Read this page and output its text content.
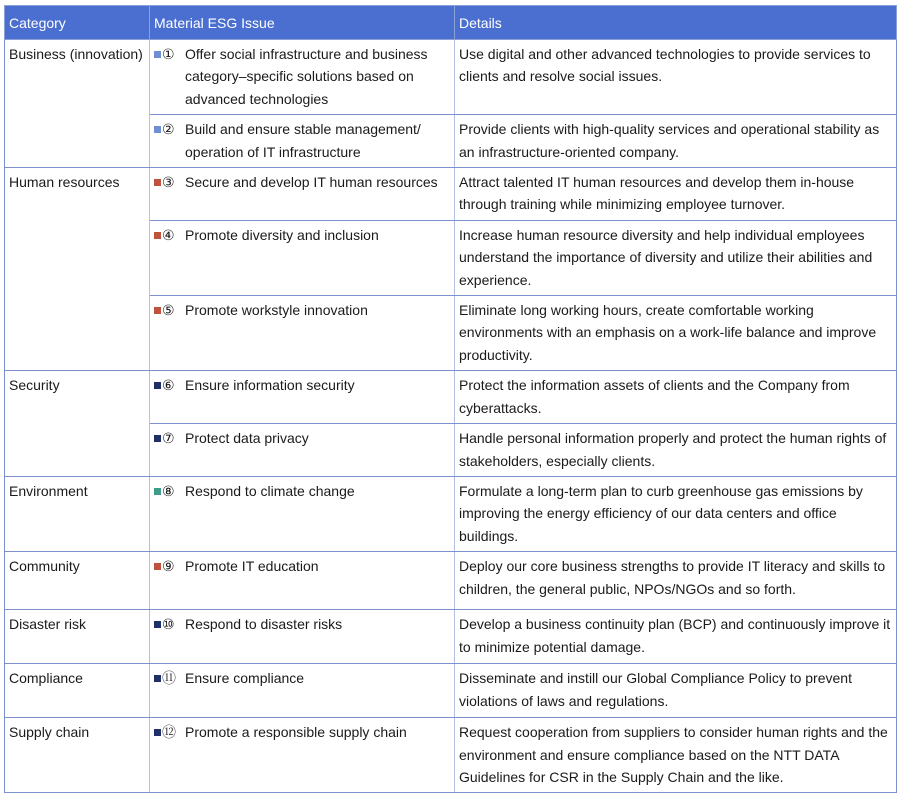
Category	Material ESG Issue	Details
Business (innovation)	① Offer social infrastructure and business category–specific solutions based on advanced technologies	Use digital and other advanced technologies to provide services to clients and resolve social issues.

	② Build and ensure stable management/ operation of IT infrastructure	Provide clients with high-quality services and operational stability as an infrastructure-oriented company.
Human resources	③ Secure and develop IT human resources	Attract talented IT human resources and develop them in-house through training while minimizing employee turnover.

	④ Promote diversity and inclusion	Increase human resource diversity and help individual employees understand the importance of diversity and utilize their abilities and experience.

	⑤ Promote workstyle innovation	Eliminate long working hours, create comfortable working environments with an emphasis on a work-life balance and improve productivity.
Security	⑥ Ensure information security	Protect the information assets of clients and the Company from cyberattacks.

	⑦ Protect data privacy	Handle personal information properly and protect the human rights of stakeholders, especially clients.
Environment	⑧ Respond to climate change	Formulate a long-term plan to curb greenhouse gas emissions by improving the energy efficiency of our data centers and office buildings.
Community	⑨ Promote IT education	Deploy our core business strengths to provide IT literacy and skills to children, the general public, NPOs/NGOs and so forth.
Disaster risk	⑩ Respond to disaster risks	Develop a business continuity plan (BCP) and continuously improve it to minimize potential damage.
Compliance	⑪ Ensure compliance	Disseminate and instill our Global Compliance Policy to prevent violations of laws and regulations.
Supply chain	⑫ Promote a responsible supply chain	Request cooperation from suppliers to consider human rights and the environment and ensure compliance based on the NTT DATA Guidelines for CSR in the Supply Chain and the like.
